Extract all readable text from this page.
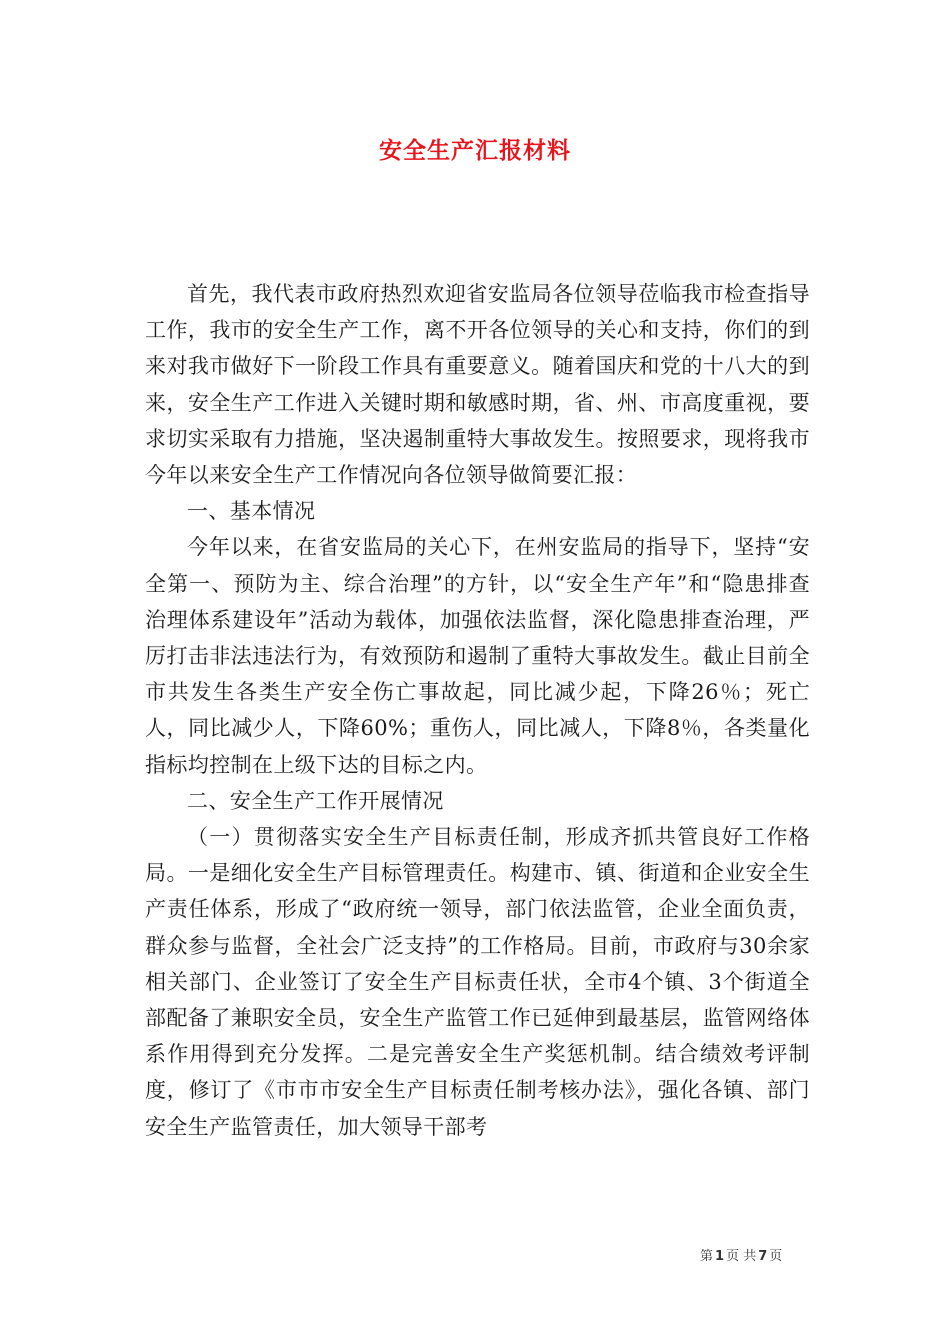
安全生产汇报材料

首先，我代表市政府热烈欢迎省安监局各位领导莅临我市检查指导工作，我市的安全生产工作，离不开各位领导的关心和支持，你们的到来对我市做好下一阶段工作具有重要意义。随着国庆和党的十八大的到来，安全生产工作进入关键时期和敏感时期，省、州、市高度重视，要求切实采取有力措施，坚决遏制重特大事故发生。按照要求，现将我市今年以来安全生产工作情况向各位领导做简要汇报：

一、基本情况

今年以来，在省安监局的关心下，在州安监局的指导下，坚持“安全第一、预防为主、综合治理”的方针，以“安全生产年”和“隐患排查治理体系建设年”活动为载体，加强依法监督，深化隐患排查治理，严厉打击非法违法行为，有效预防和遏制了重特大事故发生。截止目前全市共发生各类生产安全伤亡事故起，同比减少起，下降26％；死亡人，同比减少人，下降60%；重伤人，同比减人，下降8％，各类量化指标均控制在上级下达的目标之内。

二、安全生产工作开展情况

（一）贯彻落实安全生产目标责任制，形成齐抓共管良好工作格局。一是细化安全生产目标管理责任。构建市、镇、街道和企业安全生产责任体系，形成了“政府统一领导，部门依法监管，企业全面负责，群众参与监督，全社会广泛支持”的工作格局。目前，市政府与30余家相关部门、企业签订了安全生产目标责任状，全市4个镇、3个街道全部配备了兼职安全员，安全生产监管工作已延伸到最基层，监管网络体系作用得到充分发挥。二是完善安全生产奖惩机制。结合绩效考评制度，修订了《市市市安全生产目标责任制考核办法》，强化各镇、部门安全生产监管责任，加大领导干部考

第 1 页 共 7 页
